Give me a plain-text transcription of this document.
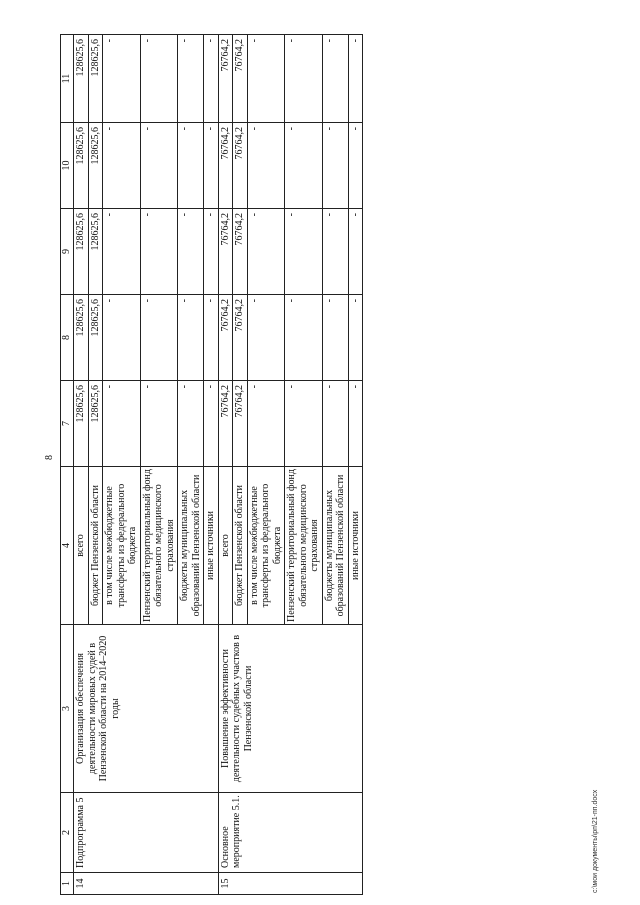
8
1	2	3	4	7	8	9	10	11
14	Подпрограмма 5	Организация обеспечения деятельности мировых судей в Пензенской области на 2014–2020 годы	всего	128625,6	128625,6	128625,6	128625,6	128625,6
			бюджет Пензенской области	128625,6	128625,6	128625,6	128625,6	128625,6
			в том числе межбюджетные трансферты из федерального бюджета	-	-	-	-	-
			Пензенский территориальный фонд обязательного медицинского страхования	-	-	-	-	-
			бюджеты муниципальных образований Пензенской области	-	-	-	-	-
			иные источники	-	-	-	-	-
15	Основное мероприятие 5.1.	Повышение эффективности деятельности судебных участков в Пензенской области	всего	76764,2	76764,2	76764,2	76764,2	76764,2
			бюджет Пензенской области	76764,2	76764,2	76764,2	76764,2	76764,2
			в том числе межбюджетные трансферты из федерального бюджета	-	-	-	-	-
			Пензенский территориальный фонд обязательного медицинского страхования	-	-	-	-	-
			бюджеты муниципальных образований Пензенской области	-	-	-	-	-
			иные источники	-	-	-	-	-
c:\мои документы\рп\21-пп.docx
